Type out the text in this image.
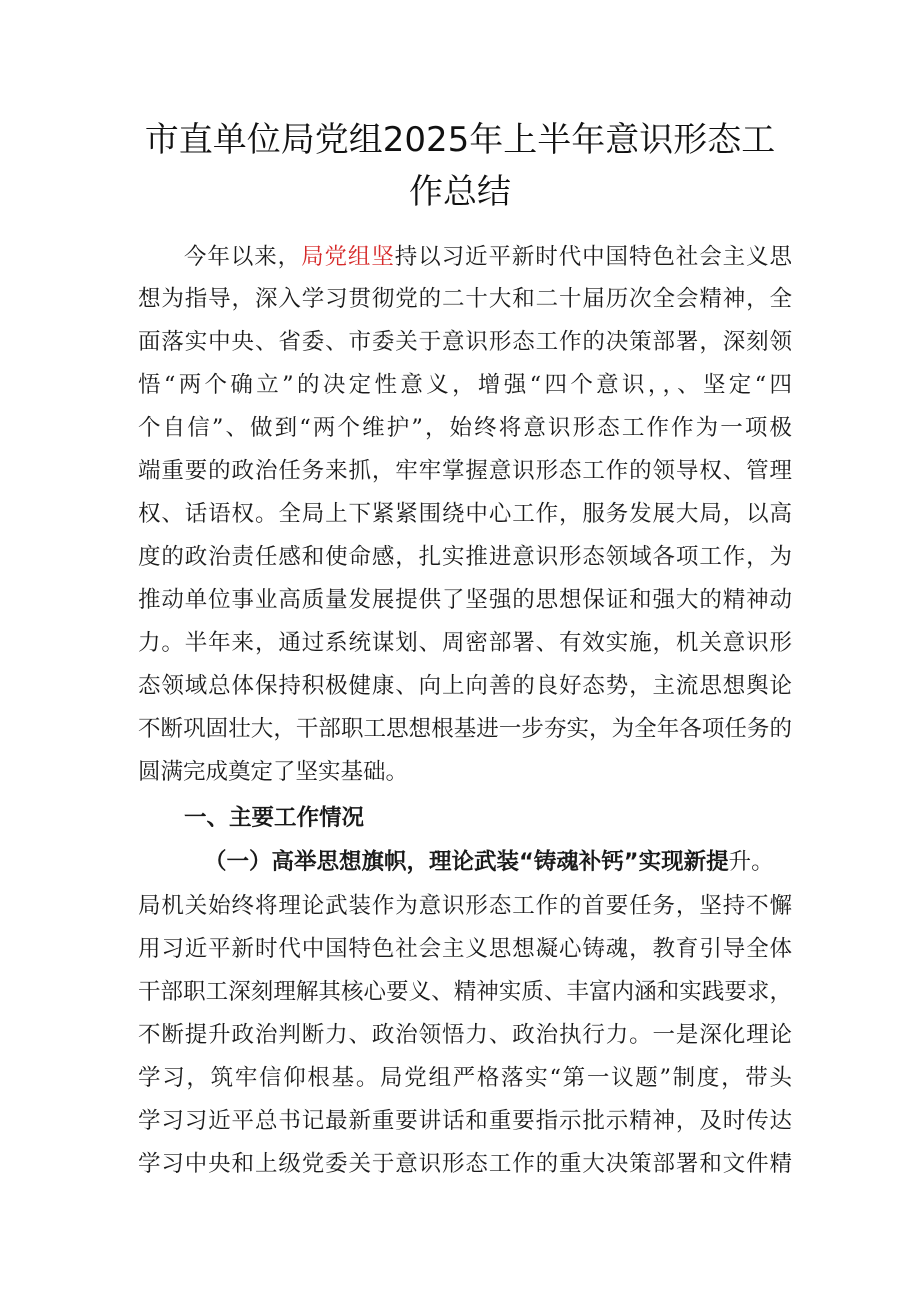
市直单位局党组2025年上半年意识形态工
作总结
今年以来，局党组坚持以习近平新时代中国特色社会主义思
想为指导，深入学习贯彻党的二十大和二十届历次全会精神，全
面落实中央、省委、市委关于意识形态工作的决策部署，深刻领
悟“两个确立”的决定性意义，增强“四个意识，，、坚定“四
个自信”、做到“两个维护”，始终将意识形态工作作为一项极
端重要的政治任务来抓，牢牢掌握意识形态工作的领导权、管理
权、话语权。全局上下紧紧围绕中心工作，服务发展大局，以高
度的政治责任感和使命感，扎实推进意识形态领域各项工作，为
推动单位事业高质量发展提供了坚强的思想保证和强大的精神动
力。半年来，通过系统谋划、周密部署、有效实施，机关意识形
态领域总体保持积极健康、向上向善的良好态势，主流思想舆论
不断巩固壮大，干部职工思想根基进一步夯实，为全年各项任务的
圆满完成奠定了坚实基础。
一、主要工作情况
（一）高举思想旗帜，理论武装“铸魂补钙”实现新提升。
局机关始终将理论武装作为意识形态工作的首要任务，坚持不懈
用习近平新时代中国特色社会主义思想凝心铸魂，教育引导全体
干部职工深刻理解其核心要义、精神实质、丰富内涵和实践要求，
不断提升政治判断力、政治领悟力、政治执行力。一是深化理论
学习，筑牢信仰根基。局党组严格落实“第一议题”制度，带头
学习习近平总书记最新重要讲话和重要指示批示精神，及时传达
学习中央和上级党委关于意识形态工作的重大决策部署和文件精
